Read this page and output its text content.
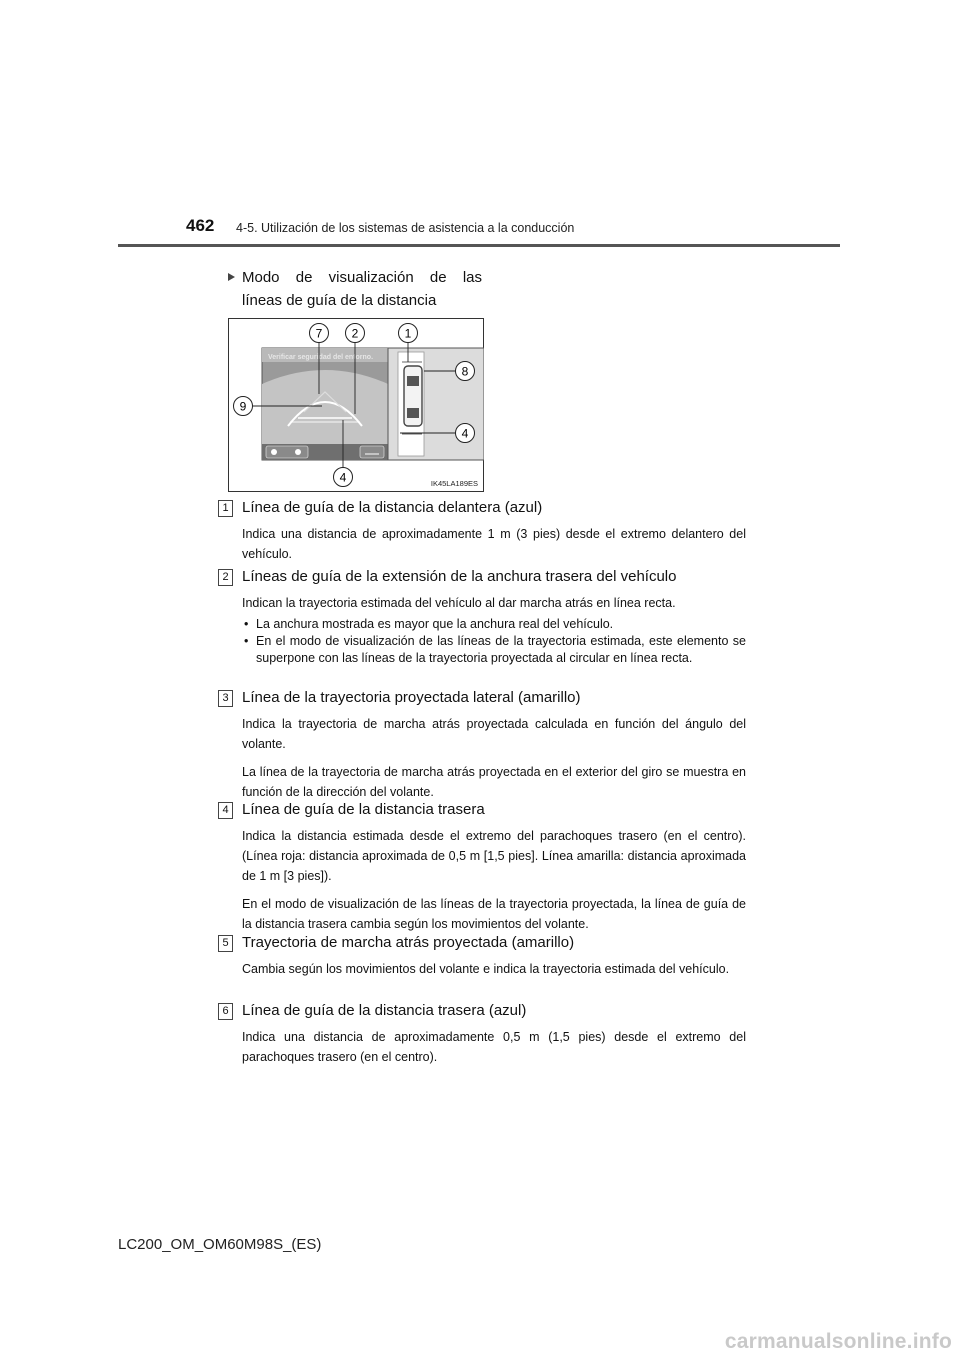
462 4-5. Utilización de los sistemas de asistencia a la conducción
Modo de visualización de las
líneas de guía de la distancia
Verificar seguridad del entorno.
7 2	1
8
9
4
4	IK45LA189ES
1 Línea de guía de la distancia delantera (azul)

Indica una distancia de aproximadamente 1 m (3 pies) desde el extremo delantero del vehículo.

2 Líneas de guía de la extensión de la anchura trasera del vehículo

Indican la trayectoria estimada del vehículo al dar marcha atrás en línea recta.

• La anchura mostrada es mayor que la anchura real del vehículo.
• En el modo de visualización de las líneas de la trayectoria estimada, este elemento se superpone con las líneas de la trayectoria proyectada al circular en línea recta.
3 Línea de la trayectoria proyectada lateral (amarillo)

Indica la trayectoria de marcha atrás proyectada calculada en función del ángulo del volante.

La línea de la trayectoria de marcha atrás proyectada en el exterior del giro se muestra en función de la dirección del volante.

4 Línea de guía de la distancia trasera

Indica la distancia estimada desde el extremo del parachoques trasero (en el centro). (Línea roja: distancia aproximada de 0,5 m [1,5 pies]. Línea amarilla: distancia aproximada de 1 m [3 pies]).

En el modo de visualización de las líneas de la trayectoria proyectada, la línea de guía de la distancia trasera cambia según los movimientos del volante.

5 Trayectoria de marcha atrás proyectada (amarillo)

Cambia según los movimientos del volante e indica la trayectoria estimada del vehículo.

6 Línea de guía de la distancia trasera (azul)

Indica una distancia de aproximadamente 0,5 m (1,5 pies) desde el extremo del parachoques trasero (en el centro).

LC200_OM_OM60M98S_(ES)
carmanualsonline.info
